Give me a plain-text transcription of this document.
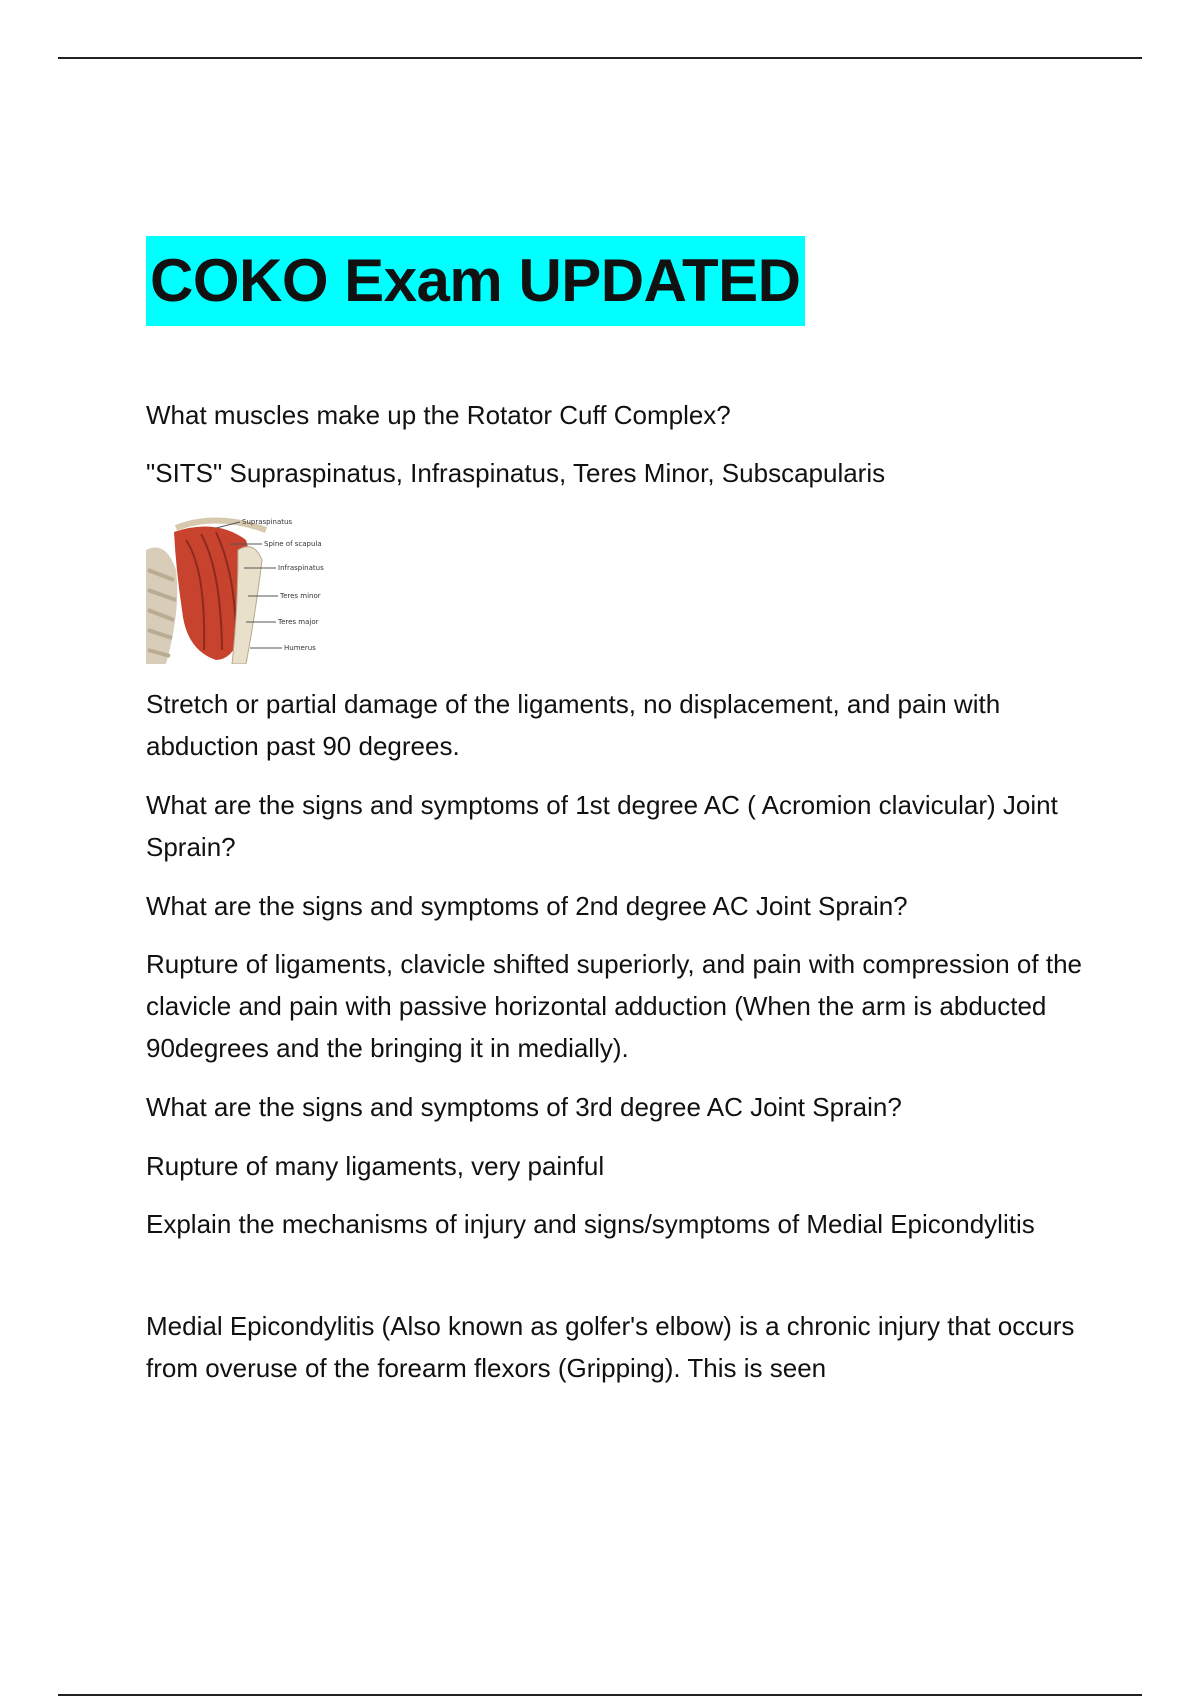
COKO Exam UPDATED

What muscles make up the Rotator Cuff Complex?

"SITS" Supraspinatus, Infraspinatus, Teres Minor, Subscapularis

Supraspinatus
Spine of scapula
Infraspinatus
Teres minor
Teres major
Humerus

Stretch or partial damage of the ligaments, no displacement, and pain with abduction past 90 degrees.

What are the signs and symptoms of 1st degree AC ( Acromion clavicular) Joint Sprain?

What are the signs and symptoms of 2nd degree AC Joint Sprain?

Rupture of ligaments, clavicle shifted superiorly, and pain with compression of the clavicle and pain with passive horizontal adduction (When the arm is abducted 90degrees and the bringing it in medially).

What are the signs and symptoms of 3rd degree AC Joint Sprain?

Rupture of many ligaments, very painful

Explain the mechanisms of injury and signs/symptoms of Medial Epicondylitis

Medial Epicondylitis (Also known as golfer's elbow) is a chronic injury that occurs from overuse of the forearm flexors (Gripping). This is seen
